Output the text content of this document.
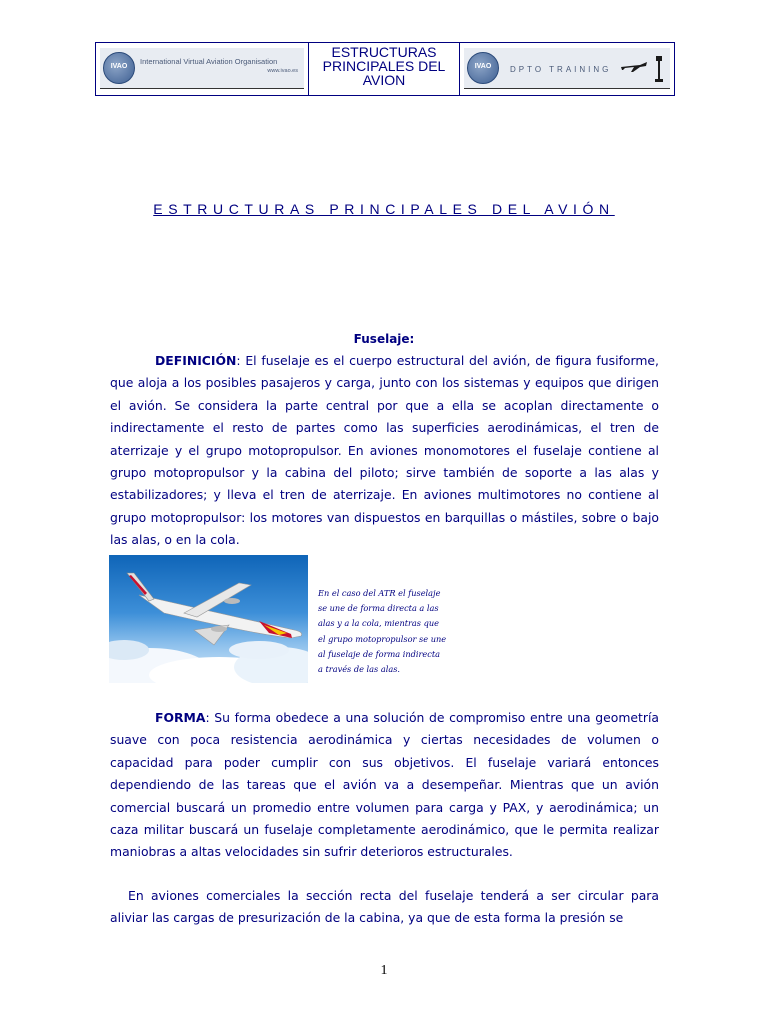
IVAO
International Virtual Aviation Organisation
www.ivao.es
ESTRUCTURAS
PRINCIPALES DEL
AVION
IVAO	DPTO TRAINING
ESTRUCTURAS PRINCIPALES DEL AVIÓN
Fuselaje:
DEFINICIÓN: El fuselaje es el cuerpo estructural del avión, de figura fusiforme, que aloja a los posibles pasajeros y carga, junto con los sistemas y equipos que dirigen el avión. Se considera la parte central por que a ella se acoplan directamente o indirectamente el resto de partes como las superficies aerodinámicas, el tren de aterrizaje y el grupo motopropulsor. En aviones monomotores el fuselaje contiene al grupo motopropulsor y la cabina del piloto; sirve también de soporte a las alas y estabilizadores; y lleva el tren de aterrizaje. En aviones multimotores no contiene al grupo motopropulsor: los motores van dispuestos en barquillas o mástiles, sobre o bajo las alas, o en la cola.
En el caso del ATR el fuselaje
se une de forma directa a las
alas y a la cola, mientras que
el grupo motopropulsor se une
al fuselaje de forma indirecta
a través de las alas.
FORMA: Su forma obedece a una solución de compromiso entre una geometría suave con poca resistencia aerodinámica y ciertas necesidades de volumen o capacidad para poder cumplir con sus objetivos. El fuselaje variará entonces dependiendo de las tareas que el avión va a desempeñar. Mientras que un avión comercial buscará un promedio entre volumen para carga y PAX, y aerodinámica; un caza militar buscará un fuselaje completamente aerodinámico, que le permita realizar maniobras a altas velocidades sin sufrir deterioros estructurales.
En aviones comerciales la sección recta del fuselaje tenderá a ser circular para aliviar las cargas de presurización de la cabina, ya que de esta forma la presión se
1
